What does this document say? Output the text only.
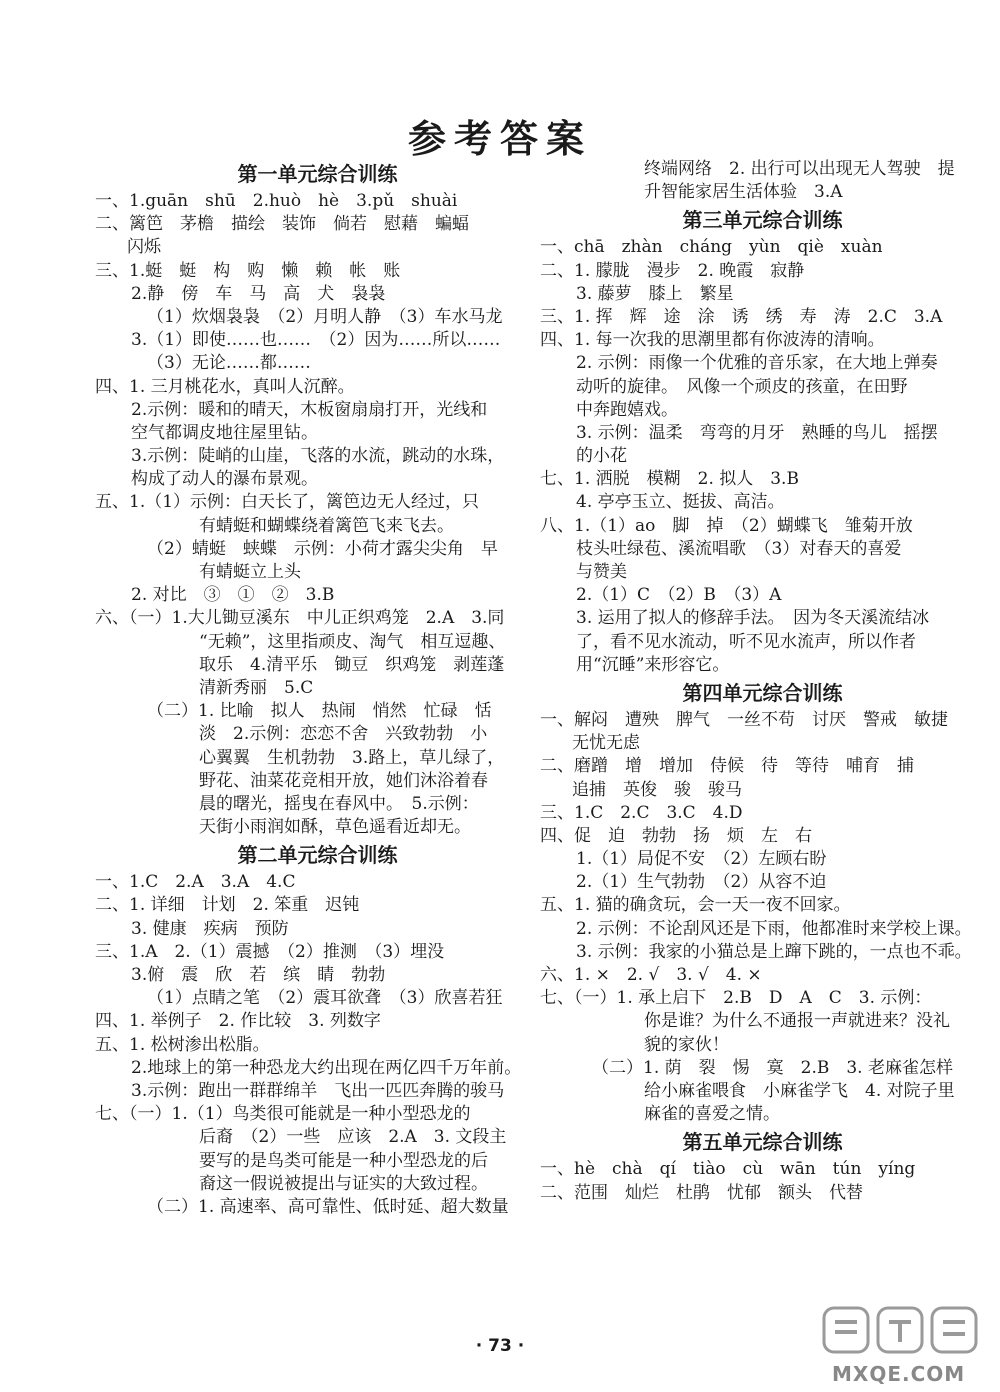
参考答案
第一单元综合训练
一、1.guān　shū　2.huò　hè　3.pǔ　shuài
二、篱笆　茅檐　描绘　装饰　倘若　慰藉　蝙蝠
闪烁
三、1.蜓　蜓　构　购　懒　赖　帐　账
2.静　傍　车　马　高　犬　袅袅
（1）炊烟袅袅　（2）月明人静　（3）车水马龙
3.（1）即使……也……　（2）因为……所以……
（3）无论……都……
四、1. 三月桃花水，真叫人沉醉。
2.示例：暖和的晴天，木板窗扇扇打开，光线和
空气都调皮地往屋里钻。
3.示例：陡峭的山崖，飞落的水流，跳动的水珠，
构成了动人的瀑布景观。
五、1.（1）示例：白天长了，篱笆边无人经过，只
有蜻蜓和蝴蝶绕着篱笆飞来飞去。
（2）蜻蜓　蛱蝶　示例：小荷才露尖尖角　早
有蜻蜓立上头
2. 对比　③　①　②　3.B
六、（一）1.大儿锄豆溪东　中儿正织鸡笼　2.A　3.同
“无赖”，这里指顽皮、淘气　相互逗趣、
取乐　4.清平乐　锄豆　织鸡笼　剥莲蓬
清新秀丽　5.C
（二）1. 比喻　拟人　热闹　悄然　忙碌　恬
淡　2.示例：恋恋不舍　兴致勃勃　小
心翼翼　生机勃勃　3.路上，草儿绿了，
野花、油菜花竞相开放，她们沐浴着春
晨的曙光，摇曳在春风中。　5.示例：
天街小雨润如酥，草色遥看近却无。
第二单元综合训练
一、1.C　2.A　3.A　4.C
二、1. 详细　计划　2. 笨重　迟钝
3. 健康　疾病　预防
三、1.A　2.（1）震撼　（2）推测　（3）埋没
3.俯　震　欣　若　缤　睛　勃勃
（1）点睛之笔　（2）震耳欲聋　（3）欣喜若狂
四、1. 举例子　2. 作比较　3. 列数字
五、1. 松树渗出松脂。
2.地球上的第一种恐龙大约出现在两亿四千万年前。
3.示例：跑出一群群绵羊　飞出一匹匹奔腾的骏马
七、（一）1.（1）鸟类很可能就是一种小型恐龙的
后裔　（2）一些　应该　2.A　3. 文段主
要写的是鸟类可能是一种小型恐龙的后
裔这一假说被提出与证实的大致过程。
（二）1. 高速率、高可靠性、低时延、超大数量
终端网络　2. 出行可以出现无人驾驶　提
升智能家居生活体验　3.A
第三单元综合训练
一、chā　zhàn　cháng　yùn　qiè　xuàn
二、1. 朦胧　漫步　2. 晚霞　寂静
3. 藤萝　膝上　繁星
三、1. 挥　辉　途　涂　诱　绣　寿　涛　2.C　3.A
四、1. 每一次我的思潮里都有你波涛的清响。
2. 示例：雨像一个优雅的音乐家，在大地上弹奏
动听的旋律。　风像一个顽皮的孩童，在田野
中奔跑嬉戏。
3. 示例：温柔　弯弯的月牙　熟睡的鸟儿　摇摆
的小花
七、1. 洒脱　模糊　2. 拟人　3.B
4. 亭亭玉立、挺拔、高洁。
八、1.（1）ao　脚　掉　（2）蝴蝶飞　雏菊开放
枝头吐绿苞、溪流唱歌　（3）对春天的喜爱
与赞美
2.（1）C　（2）B　（3）A
3. 运用了拟人的修辞手法。　因为冬天溪流结冰
了，看不见水流动，听不见水流声，所以作者
用“沉睡”来形容它。
第四单元综合训练
一、解闷　遭殃　脾气　一丝不苟　讨厌　警戒　敏捷
无忧无虑
二、磨蹭　增　增加　侍候　待　等待　哺育　捕
追捕　英俊　骏　骏马
三、1.C　2.C　3.C　4.D
四、促　迫　勃勃　扬　烦　左　右
1.（1）局促不安　（2）左顾右盼
2.（1）生气勃勃　（2）从容不迫
五、1. 猫的确贪玩，会一天一夜不回家。
2. 示例：不论刮风还是下雨，他都准时来学校上课。
3. 示例：我家的小猫总是上蹿下跳的，一点也不乖。
六、1. ×　2. √　3. √　4. ×
七、（一）1. 承上启下　2.B　D　A　C　3. 示例：
你是谁？为什么不通报一声就进来？没礼
貌的家伙！
（二）1. 荫　裂　惕　寞　2.B　3. 老麻雀怎样
给小麻雀喂食　小麻雀学飞　4. 对院子里
麻雀的喜爱之情。
第五单元综合训练
一、hè　chà　qí　tiào　cù　wān　tún　yíng
二、范围　灿烂　杜鹃　忧郁　额头　代替
· 73 ·
MXQE.COM
